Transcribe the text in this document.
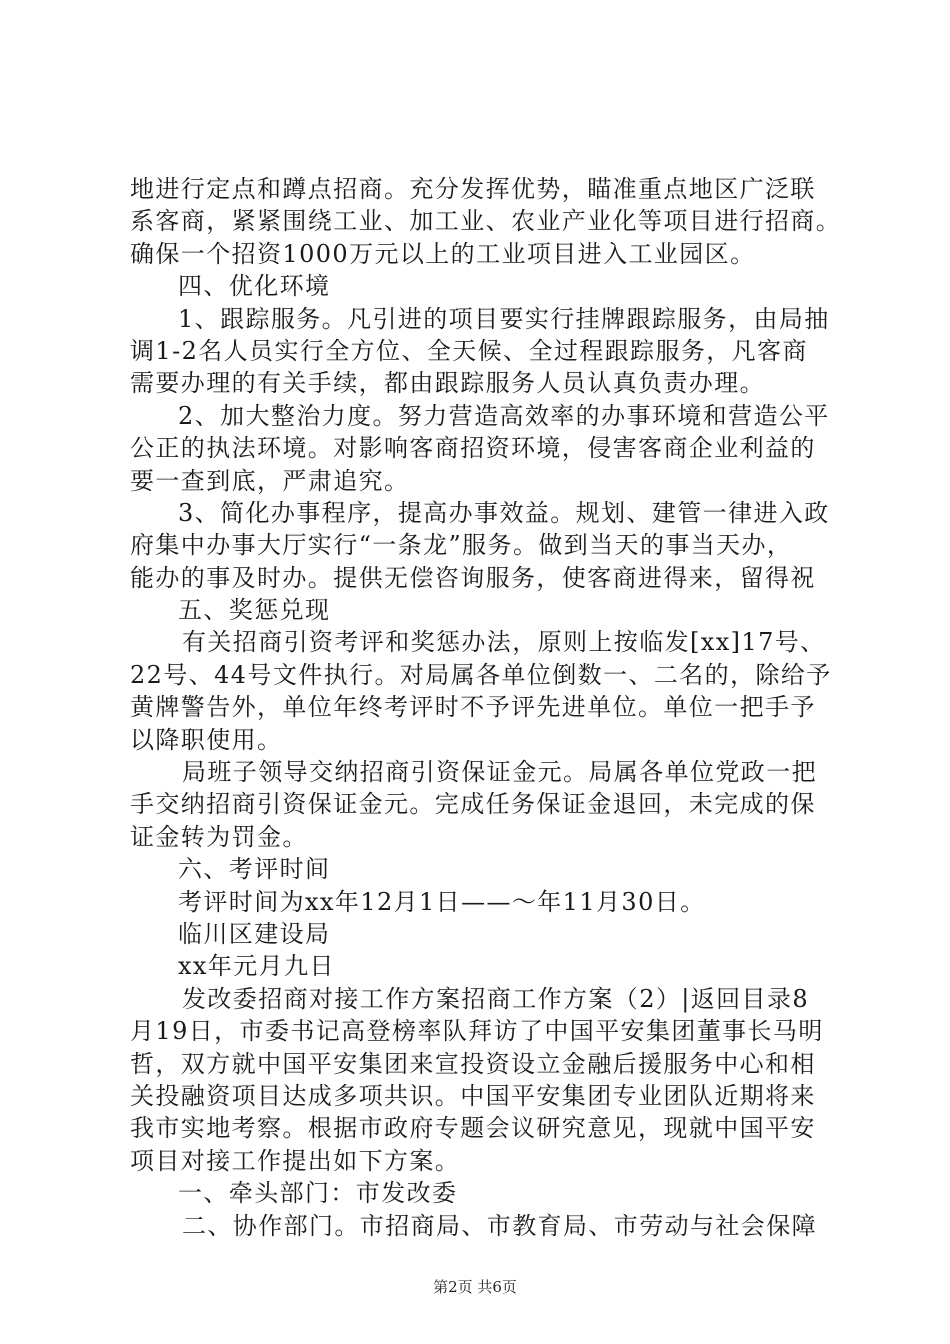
地进行定点和蹲点招商。充分发挥优势，瞄准重点地区广泛联
系客商，紧紧围绕工业、加工业、农业产业化等项目进行招商。
确保一个招资1000万元以上的工业项目进入工业园区。
四、优化环境
1、跟踪服务。凡引进的项目要实行挂牌跟踪服务，由局抽
调1-2名人员实行全方位、全天候、全过程跟踪服务，凡客商
需要办理的有关手续，都由跟踪服务人员认真负责办理。
2、加大整治力度。努力营造高效率的办事环境和营造公平
公正的执法环境。对影响客商招资环境，侵害客商企业利益的
要一查到底，严肃追究。
3、简化办事程序，提高办事效益。规划、建管一律进入政
府集中办事大厅实行“一条龙”服务。做到当天的事当天办，
能办的事及时办。提供无偿咨询服务，使客商进得来，留得祝
五、奖惩兑现
有关招商引资考评和奖惩办法，原则上按临发[xx]17号、
22号、44号文件执行。对局属各单位倒数一、二名的，除给予
黄牌警告外，单位年终考评时不予评先进单位。单位一把手予
以降职使用。
局班子领导交纳招商引资保证金元。局属各单位党政一把
手交纳招商引资保证金元。完成任务保证金退回，未完成的保
证金转为罚金。
六、考评时间
考评时间为xx年12月1日——～年11月30日。
临川区建设局
xx年元月九日
发改委招商对接工作方案招商工作方案（2）|返回目录8
月19日，市委书记高登榜率队拜访了中国平安集团董事长马明
哲，双方就中国平安集团来宣投资设立金融后援服务中心和相
关投融资项目达成多项共识。中国平安集团专业团队近期将来
我市实地考察。根据市政府专题会议研究意见，现就中国平安
项目对接工作提出如下方案。
一、牵头部门：市发改委
二、协作部门。市招商局、市教育局、市劳动与社会保障
第2页 共6页
